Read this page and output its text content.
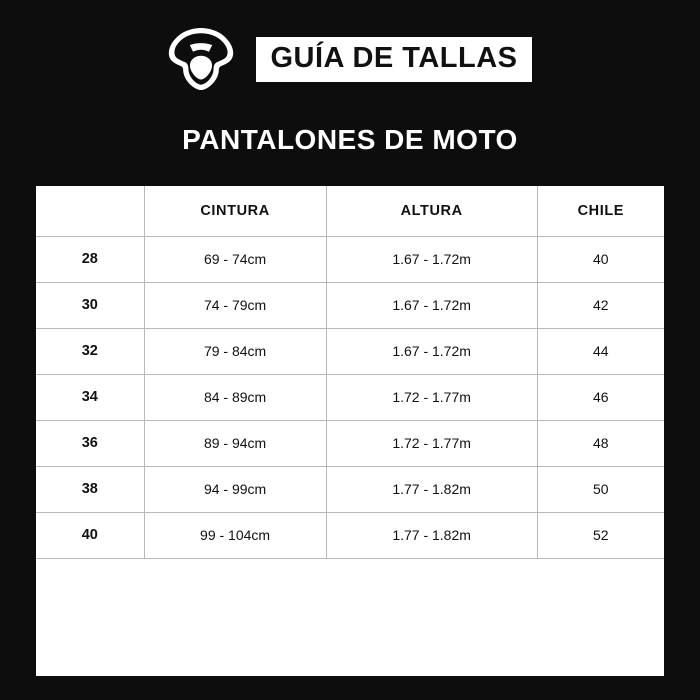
GUÍA DE TALLAS
PANTALONES DE MOTO
	CINTURA	ALTURA	CHILE
28	69 - 74cm	1.67 - 1.72m	40
30	74 - 79cm	1.67 - 1.72m	42
32	79 - 84cm	1.67 - 1.72m	44
34	84 - 89cm	1.72 - 1.77m	46
36	89 - 94cm	1.72 - 1.77m	48
38	94 - 99cm	1.77 - 1.82m	50
40	99 - 104cm	1.77 - 1.82m	52
